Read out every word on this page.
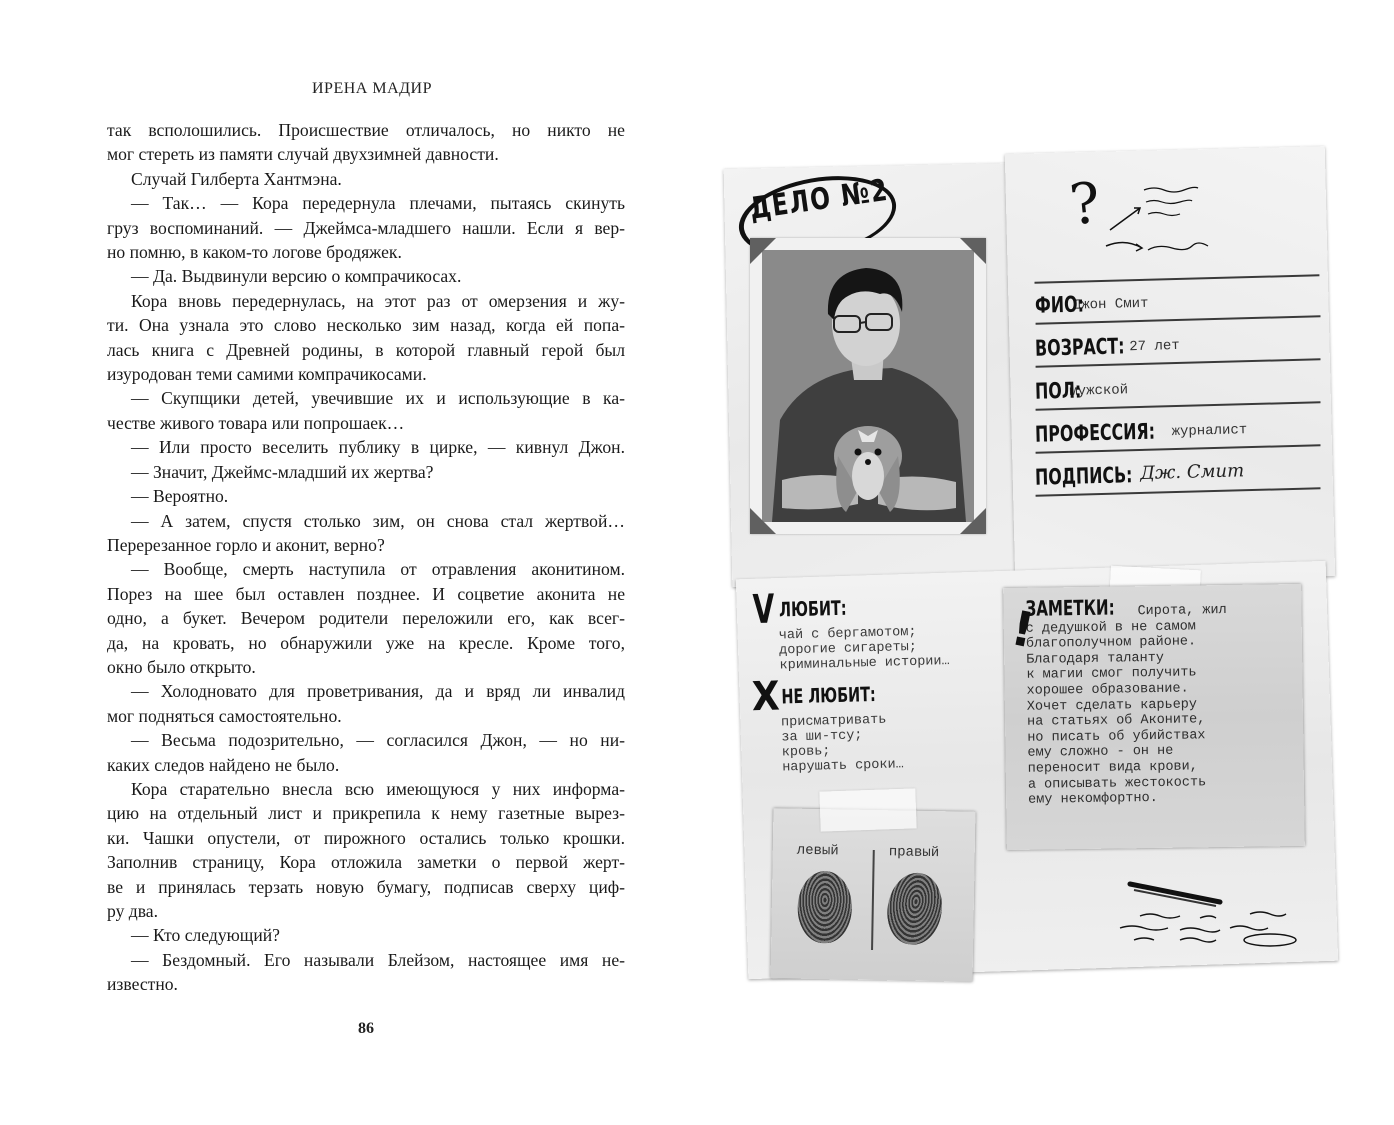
ИРЕНА МАДИР
так всполошились. Происшествие отличалось, но никто не
мог стереть из памяти случай двухзимней давности.
Случай Гилберта Хантмэна.
— Так… — Кора передернула плечами, пытаясь скинуть
груз воспоминаний. — Джеймса-младшего нашли. Если я вер-
но помню, в каком-то логове бродяжек.
— Да. Выдвинули версию о компрачикосах.
Кора вновь передернулась, на этот раз от омерзения и жу-
ти. Она узнала это слово несколько зим назад, когда ей попа-
лась книга с Древней родины, в которой главный герой был
изуродован теми самими компрачикосами.
— Скупщики детей, увечившие их и использующие в ка-
честве живого товара или попрошаек…
— Или просто веселить публику в цирке, — кивнул Джон.
— Значит, Джеймс-младший их жертва?
— Вероятно.
— А затем, спустя столько зим, он снова стал жертвой…
Перерезанное горло и аконит, верно?
— Вообще, смерть наступила от отравления аконитином.
Порез на шее был оставлен позднее. И соцветие аконита не
одно, а букет. Вечером родители переложили его, как всег-
да, на кровать, но обнаружили уже на кресле. Кроме того,
окно было открыто.
— Холодновато для проветривания, да и вряд ли инвалид
мог подняться самостоятельно.
— Весьма подозрительно, — согласился Джон, — но ни-
каких следов найдено не было.
Кора старательно внесла всю имеющуюся у них информа-
цию на отдельный лист и прикрепила к нему газетные вырез-
ки. Чашки опустели, от пирожного остались только крошки.
Заполнив страницу, Кора отложила заметки о первой жерт-
ве и принялась терзать новую бумагу, подписав сверху циф-
ру два.
— Кто следующий?
— Бездомный. Его называли Блейзом, настоящее имя не-
известно.
86
ДЕЛО №2	?
ФИО:
Джон Смит
ВОЗРАСТ: 27 лет
ПОЛ:
мужской
ПРОФЕССИЯ: журналист
ПОДПИСЬ: Дж. Смит
V ЛЮБИТ:
чай с бергамотом;
дорогие сигареты;
криминальные истории…
X НЕ ЛЮБИТ:
присматривать
за ши-тсу;
кровь;
нарушать сроки…
!
ЗАМЕТКИ: Сирота, жил
с дедушкой в не самом
благополучном районе.
Благодаря таланту
к магии смог получить
хорошее образование.
Хочет сделать карьеру
на статьях об Аконите,
но писать об убийствах
ему сложно - он не
переносит вида крови,
а описывать жестокость
ему некомфортно.
левый	правый
